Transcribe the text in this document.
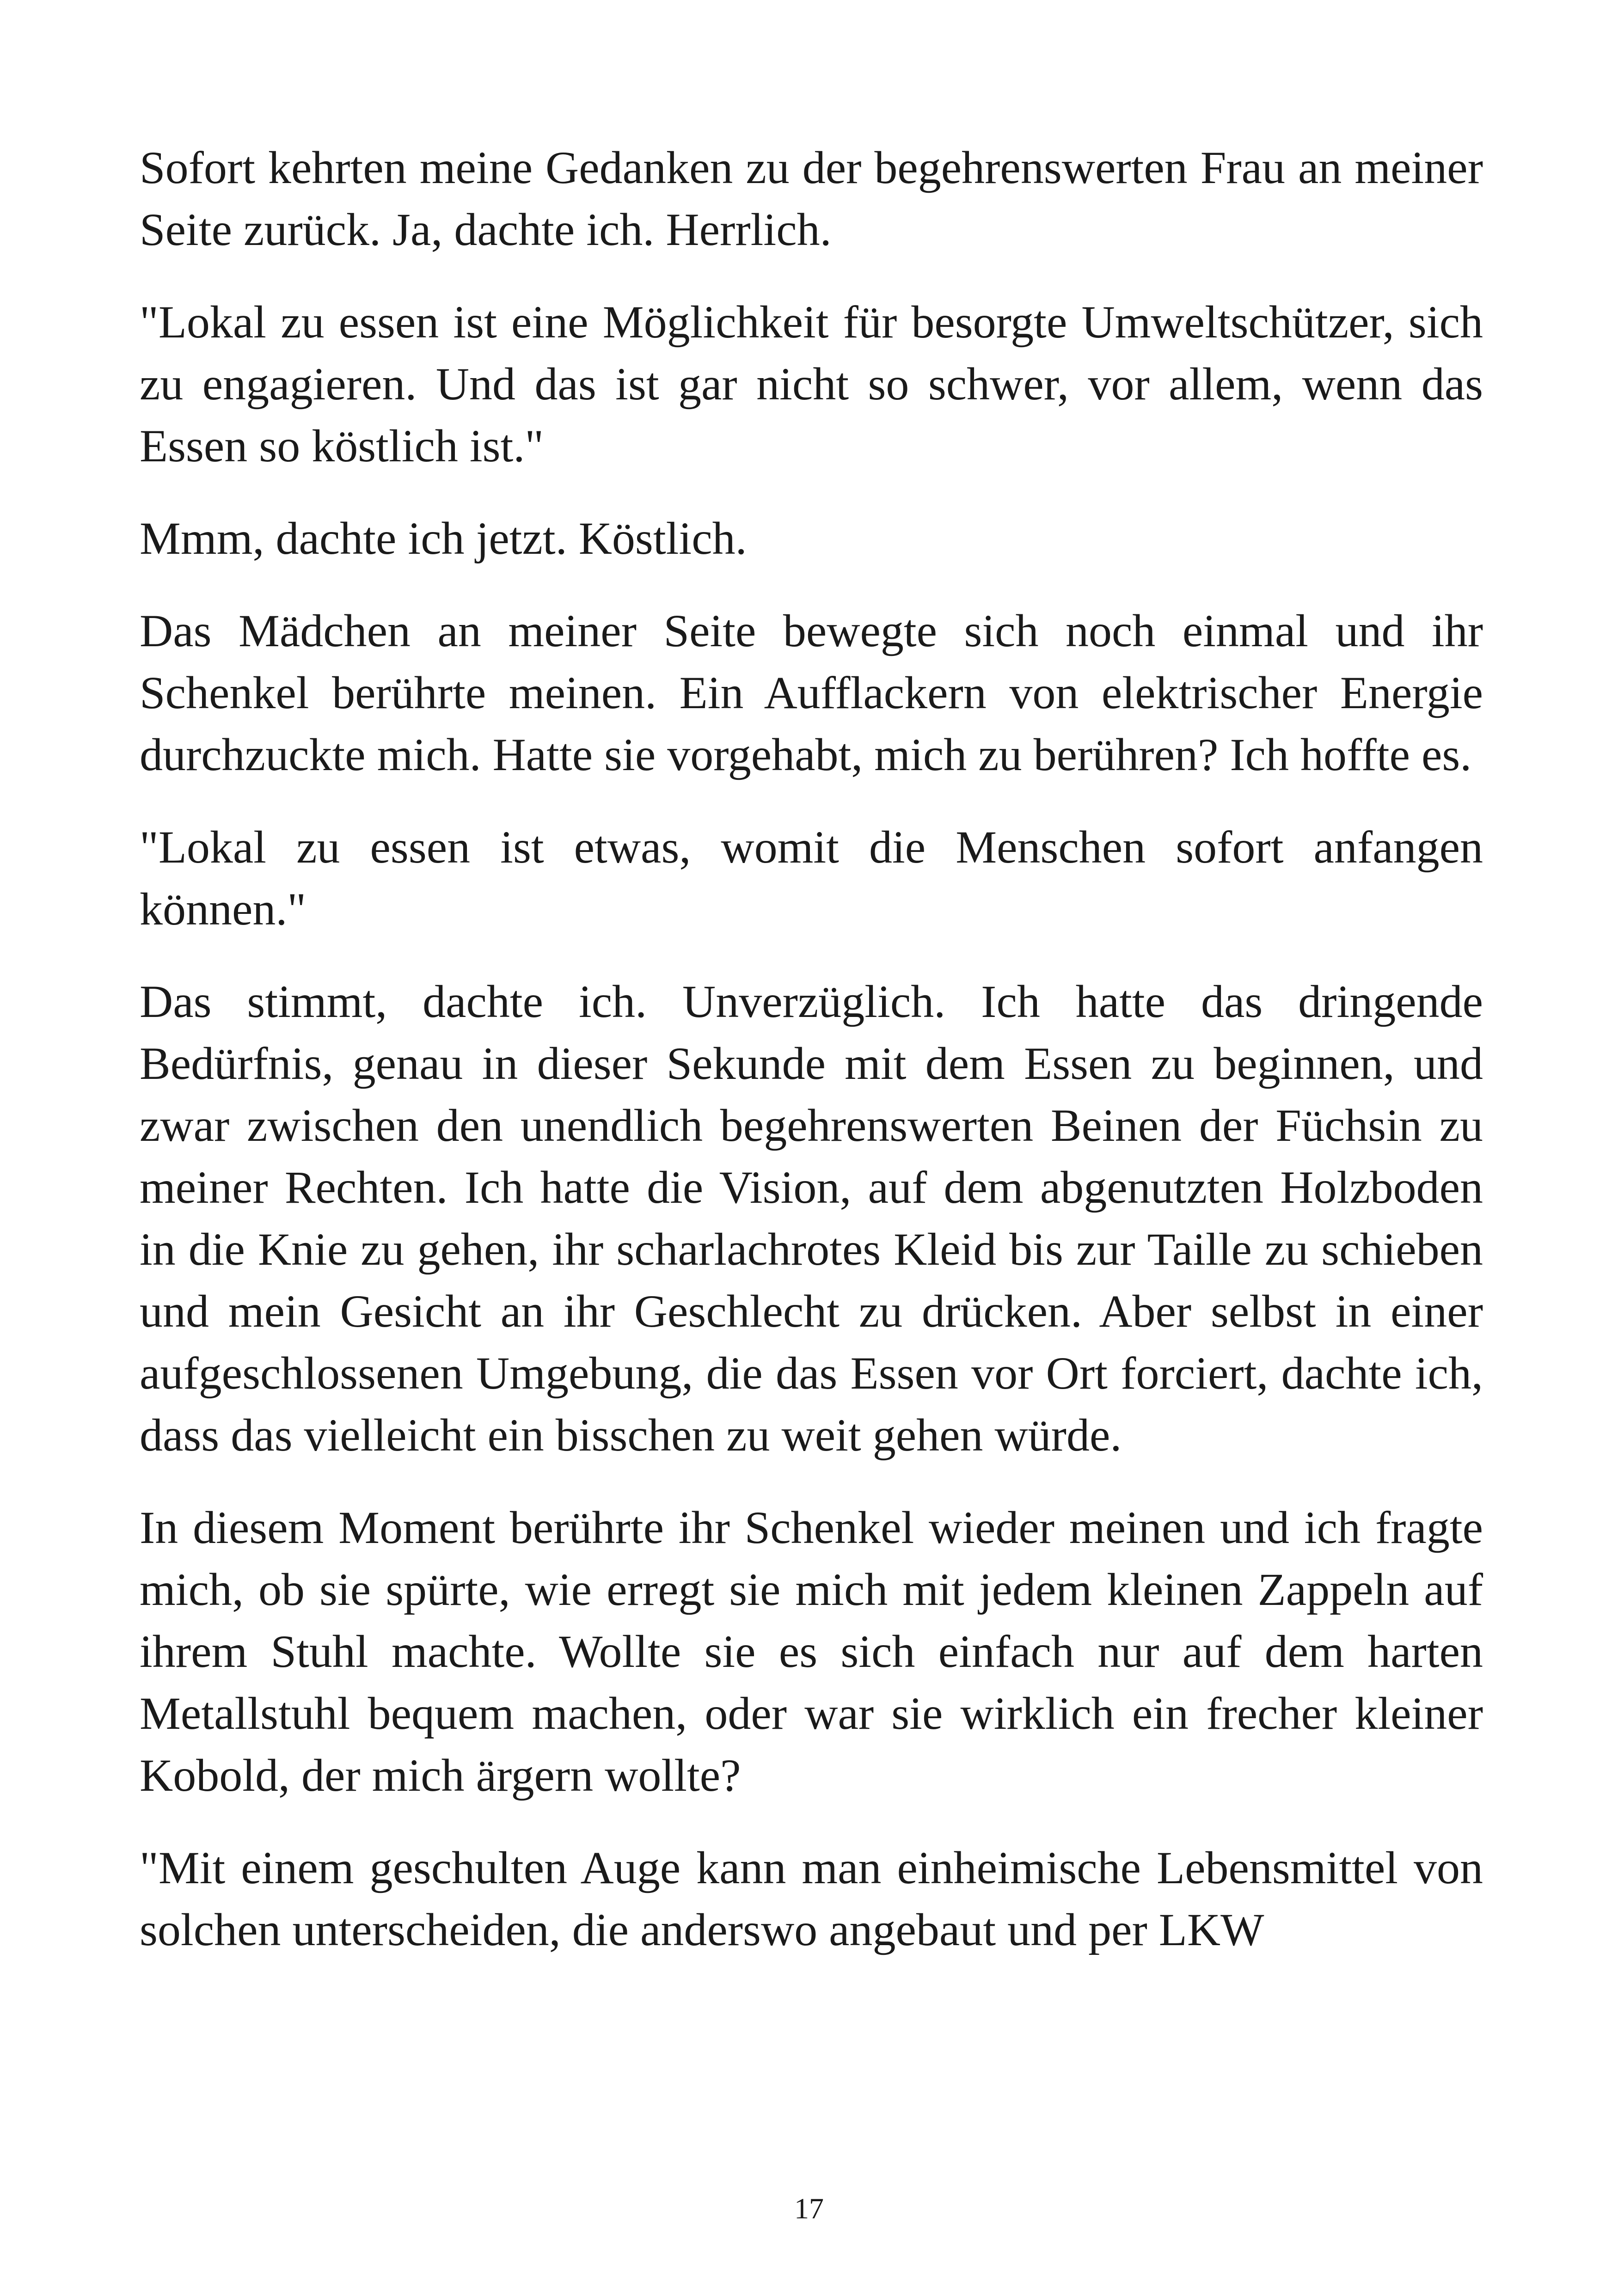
Sofort kehrten meine Gedanken zu der begehrenswerten Frau an meiner Seite zurück. Ja, dachte ich. Herrlich.

"Lokal zu essen ist eine Möglichkeit für besorgte Umweltschützer, sich zu engagieren. Und das ist gar nicht so schwer, vor allem, wenn das Essen so köstlich ist."

Mmm, dachte ich jetzt. Köstlich.

Das Mädchen an meiner Seite bewegte sich noch einmal und ihr Schenkel berührte meinen. Ein Aufflackern von elektrischer Energie durchzuckte mich. Hatte sie vorgehabt, mich zu berühren? Ich hoffte es.

"Lokal zu essen ist etwas, womit die Menschen sofort anfangen können."

Das stimmt, dachte ich. Unverzüglich. Ich hatte das dringende Bedürfnis, genau in dieser Sekunde mit dem Essen zu beginnen, und zwar zwischen den unendlich begehrenswerten Beinen der Füchsin zu meiner Rechten. Ich hatte die Vision, auf dem abgenutzten Holzboden in die Knie zu gehen, ihr scharlachrotes Kleid bis zur Taille zu schieben und mein Gesicht an ihr Geschlecht zu drücken. Aber selbst in einer aufgeschlossenen Umgebung, die das Essen vor Ort forciert, dachte ich, dass das vielleicht ein bisschen zu weit gehen würde.

In diesem Moment berührte ihr Schenkel wieder meinen und ich fragte mich, ob sie spürte, wie erregt sie mich mit jedem kleinen Zappeln auf ihrem Stuhl machte. Wollte sie es sich einfach nur auf dem harten Metallstuhl bequem machen, oder war sie wirklich ein frecher kleiner Kobold, der mich ärgern wollte?

"Mit einem geschulten Auge kann man einheimische Lebensmittel von solchen unterscheiden, die anderswo angebaut und per LKW

17
